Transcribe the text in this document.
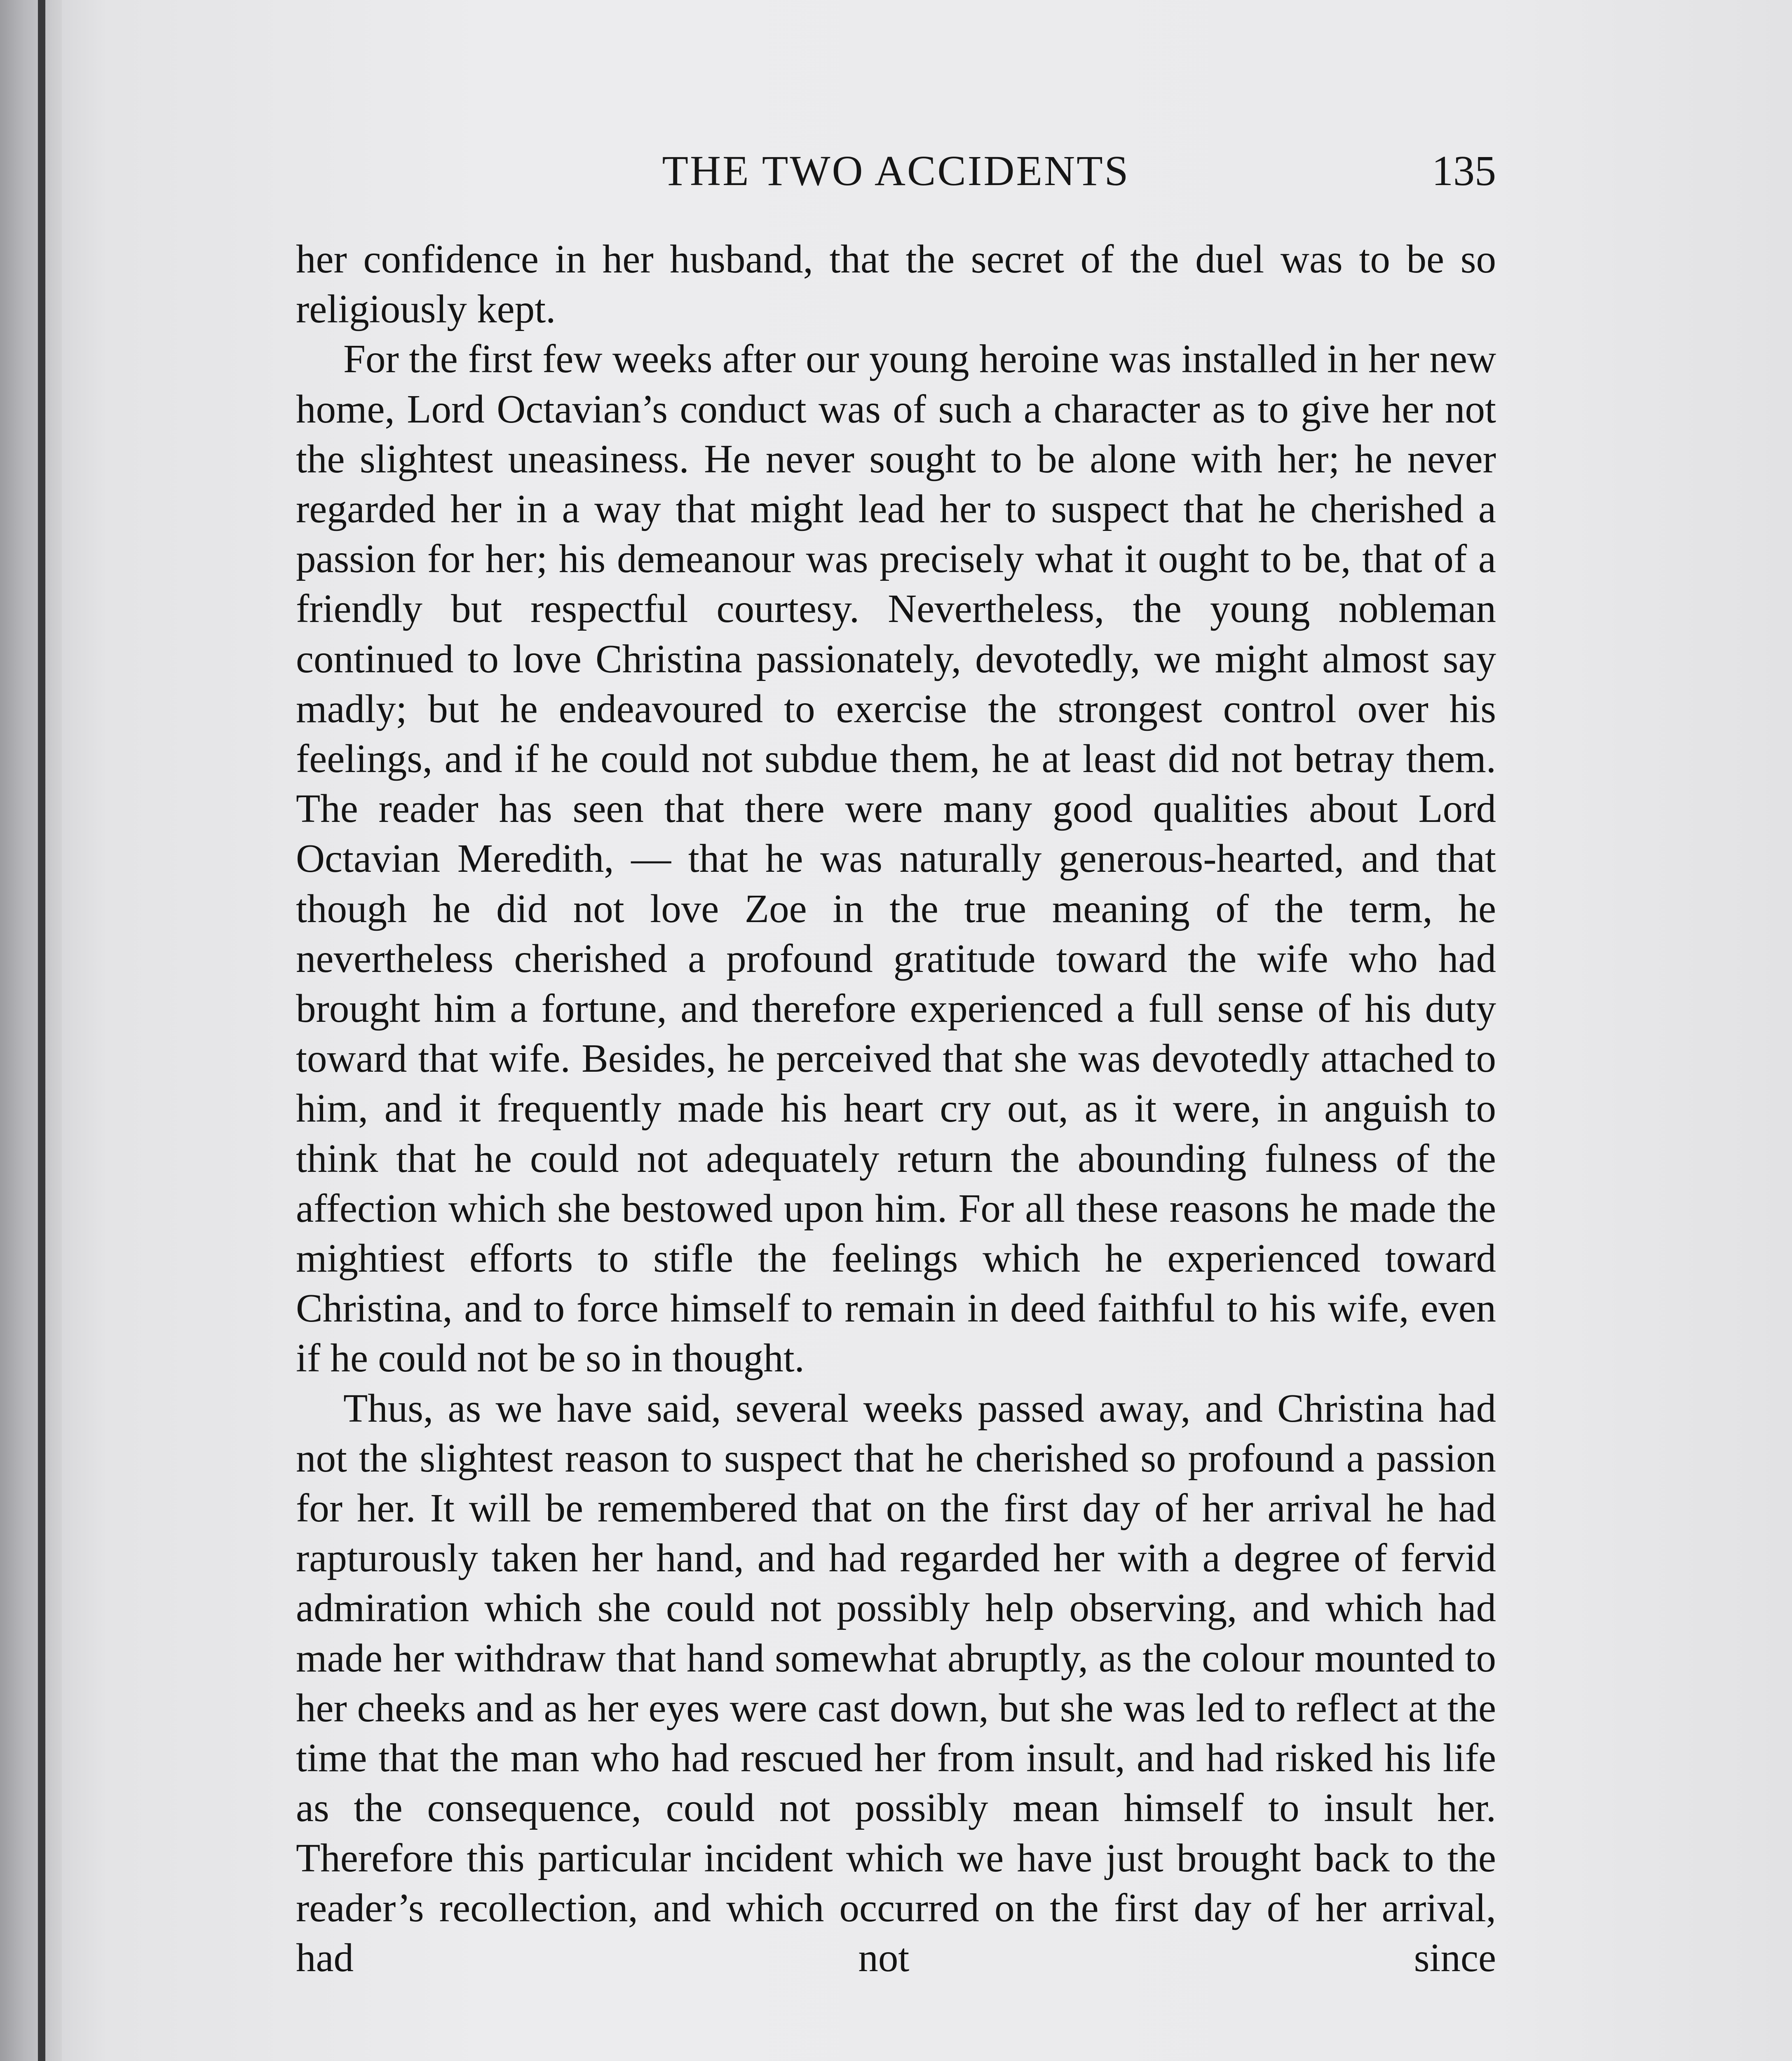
THE TWO ACCIDENTS	135

her confidence in her husband, that the secret of the duel was to be so religiously kept.

For the first few weeks after our young heroine was installed in her new home, Lord Octavian’s conduct was of such a character as to give her not the slightest uneasiness. He never sought to be alone with her; he never regarded her in a way that might lead her to suspect that he cherished a passion for her; his demeanour was precisely what it ought to be, that of a friendly but respectful courtesy. Nevertheless, the young nobleman continued to love Christina passionately, devotedly, we might almost say madly; but he endeavoured to exercise the strongest control over his feelings, and if he could not subdue them, he at least did not betray them. The reader has seen that there were many good qualities about Lord Octavian Meredith, — that he was naturally generous-hearted, and that though he did not love Zoe in the true meaning of the term, he nevertheless cherished a profound gratitude toward the wife who had brought him a fortune, and therefore experienced a full sense of his duty toward that wife. Besides, he perceived that she was devotedly attached to him, and it frequently made his heart cry out, as it were, in anguish to think that he could not adequately return the abounding fulness of the affection which she bestowed upon him. For all these reasons he made the mightiest efforts to stifle the feelings which he experienced toward Christina, and to force himself to remain in deed faithful to his wife, even if he could not be so in thought.

Thus, as we have said, several weeks passed away, and Christina had not the slightest reason to suspect that he cherished so profound a passion for her. It will be remembered that on the first day of her arrival he had rapturously taken her hand, and had regarded her with a degree of fervid admiration which she could not possibly help observing, and which had made her withdraw that hand somewhat abruptly, as the colour mounted to her cheeks and as her eyes were cast down, but she was led to reflect at the time that the man who had rescued her from insult, and had risked his life as the consequence, could not possibly mean himself to insult her. Therefore this particular incident which we have just brought back to the reader’s recollection, and which occurred on the first day of her arrival, had not since
